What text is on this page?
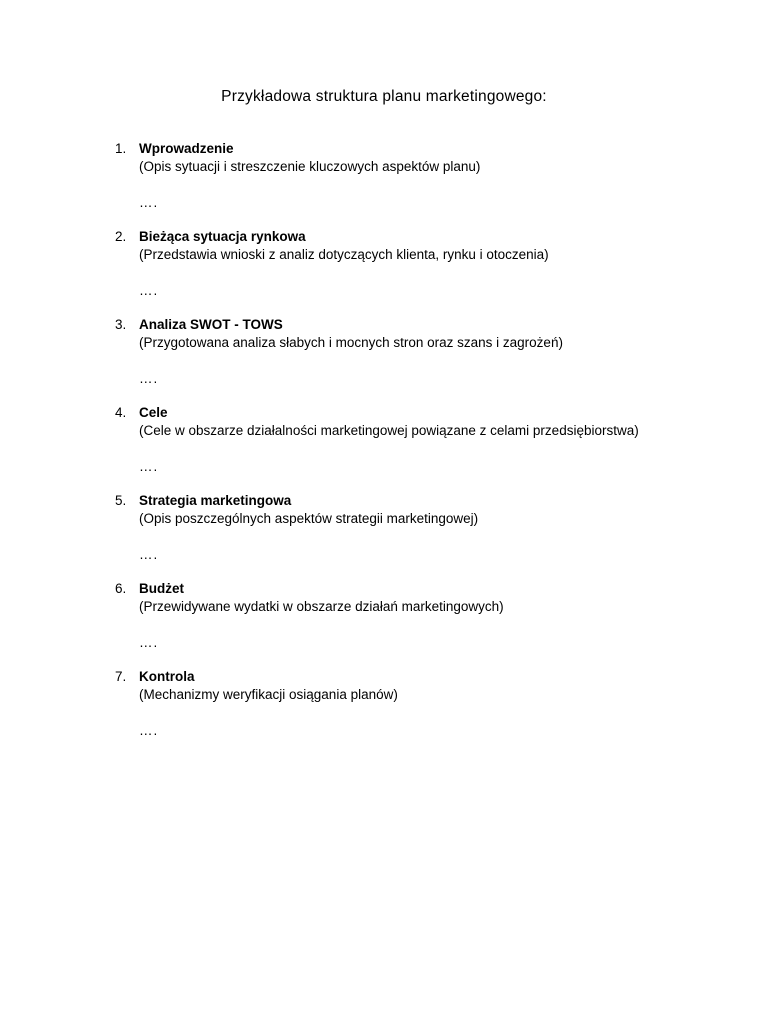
Przykładowa struktura planu marketingowego:
1. Wprowadzenie
(Opis sytuacji i streszczenie kluczowych aspektów planu)
….
2. Bieżąca sytuacja rynkowa
(Przedstawia wnioski z analiz dotyczących klienta, rynku i otoczenia)
….
3. Analiza SWOT - TOWS
(Przygotowana analiza słabych i mocnych stron oraz szans i zagrożeń)
….
4. Cele
(Cele w obszarze działalności marketingowej powiązane z celami przedsiębiorstwa)
….
5. Strategia marketingowa
(Opis poszczególnych aspektów strategii marketingowej)
….
6. Budżet
(Przewidywane wydatki w obszarze działań marketingowych)
….
7. Kontrola
(Mechanizmy weryfikacji osiągania planów)
….
